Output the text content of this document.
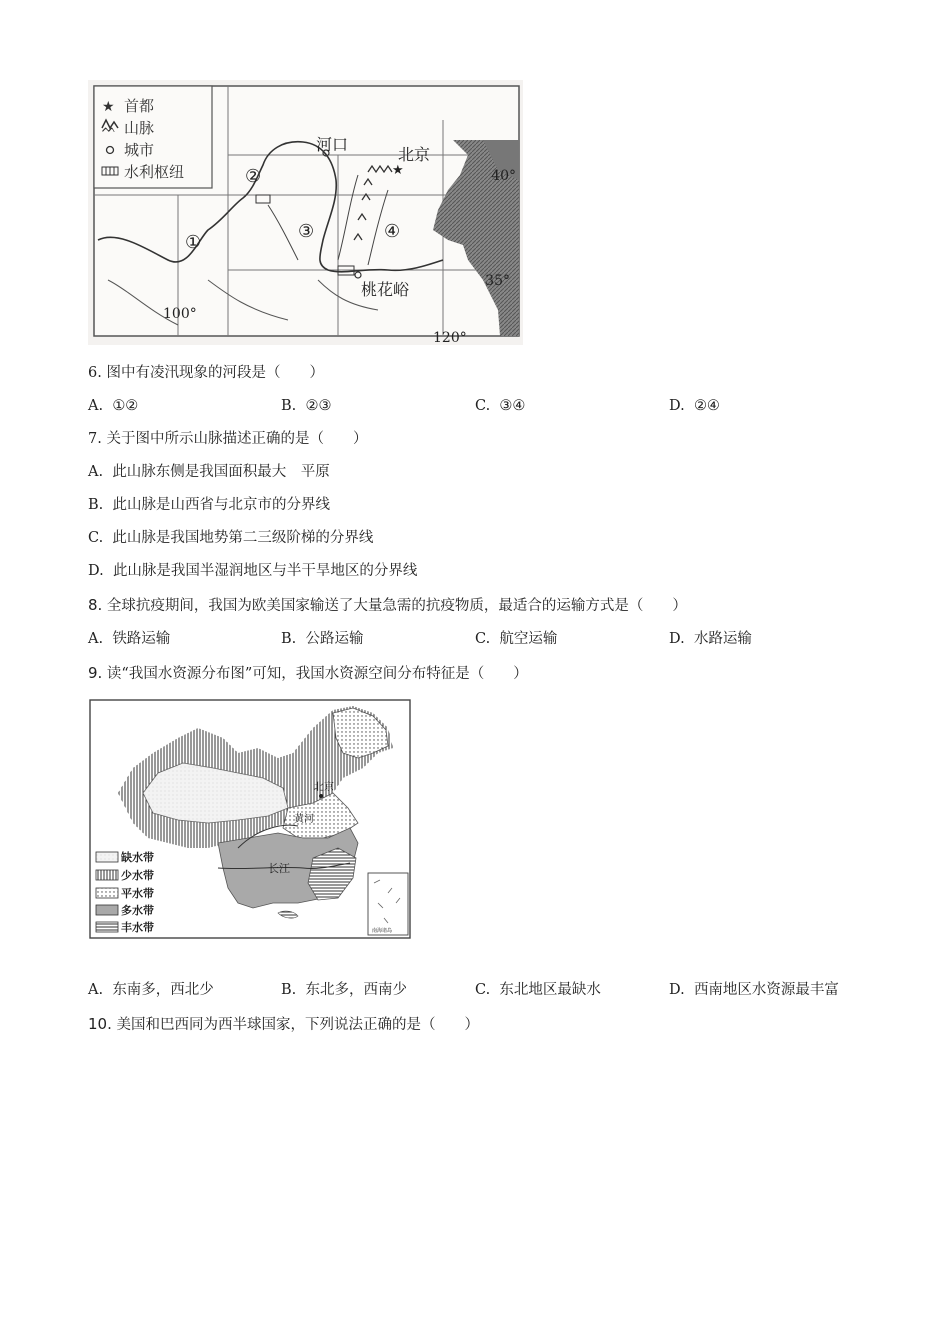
★ 首都
ᨓ 山脉
城市
水利枢纽	★
河口
北京
桃花峪
40°
35°
100°
120°
①
②
③	④
6. 图中有凌汛现象的河段是（　　）
A. ①②	B. ②③	C. ③④	D. ②④
7. 关于图中所示山脉描述正确的是（　　）
A. 此山脉东侧是我国面积最大　平原
B. 此山脉是山西省与北京市的分界线
C. 此山脉是我国地势第二三级阶梯的分界线
D. 此山脉是我国半湿润地区与半干旱地区的分界线
8. 全球抗疫期间，我国为欧美国家输送了大量急需的抗疫物质，最适合的运输方式是（　　）
A. 铁路运输	B. 公路运输	C. 航空运输	D. 水路运输
9. 读“我国水资源分布图”可知，我国水资源空间分布特征是（　　）
北京
黄河
长江
缺水带
少水带
平水带
多水带
丰水带	南海诸岛
A. 东南多，西北少	B. 东北多，西南少	C. 东北地区最缺水	D. 西南地区水资源最丰富
10. 美国和巴西同为西半球国家，下列说法正确的是（　　）
